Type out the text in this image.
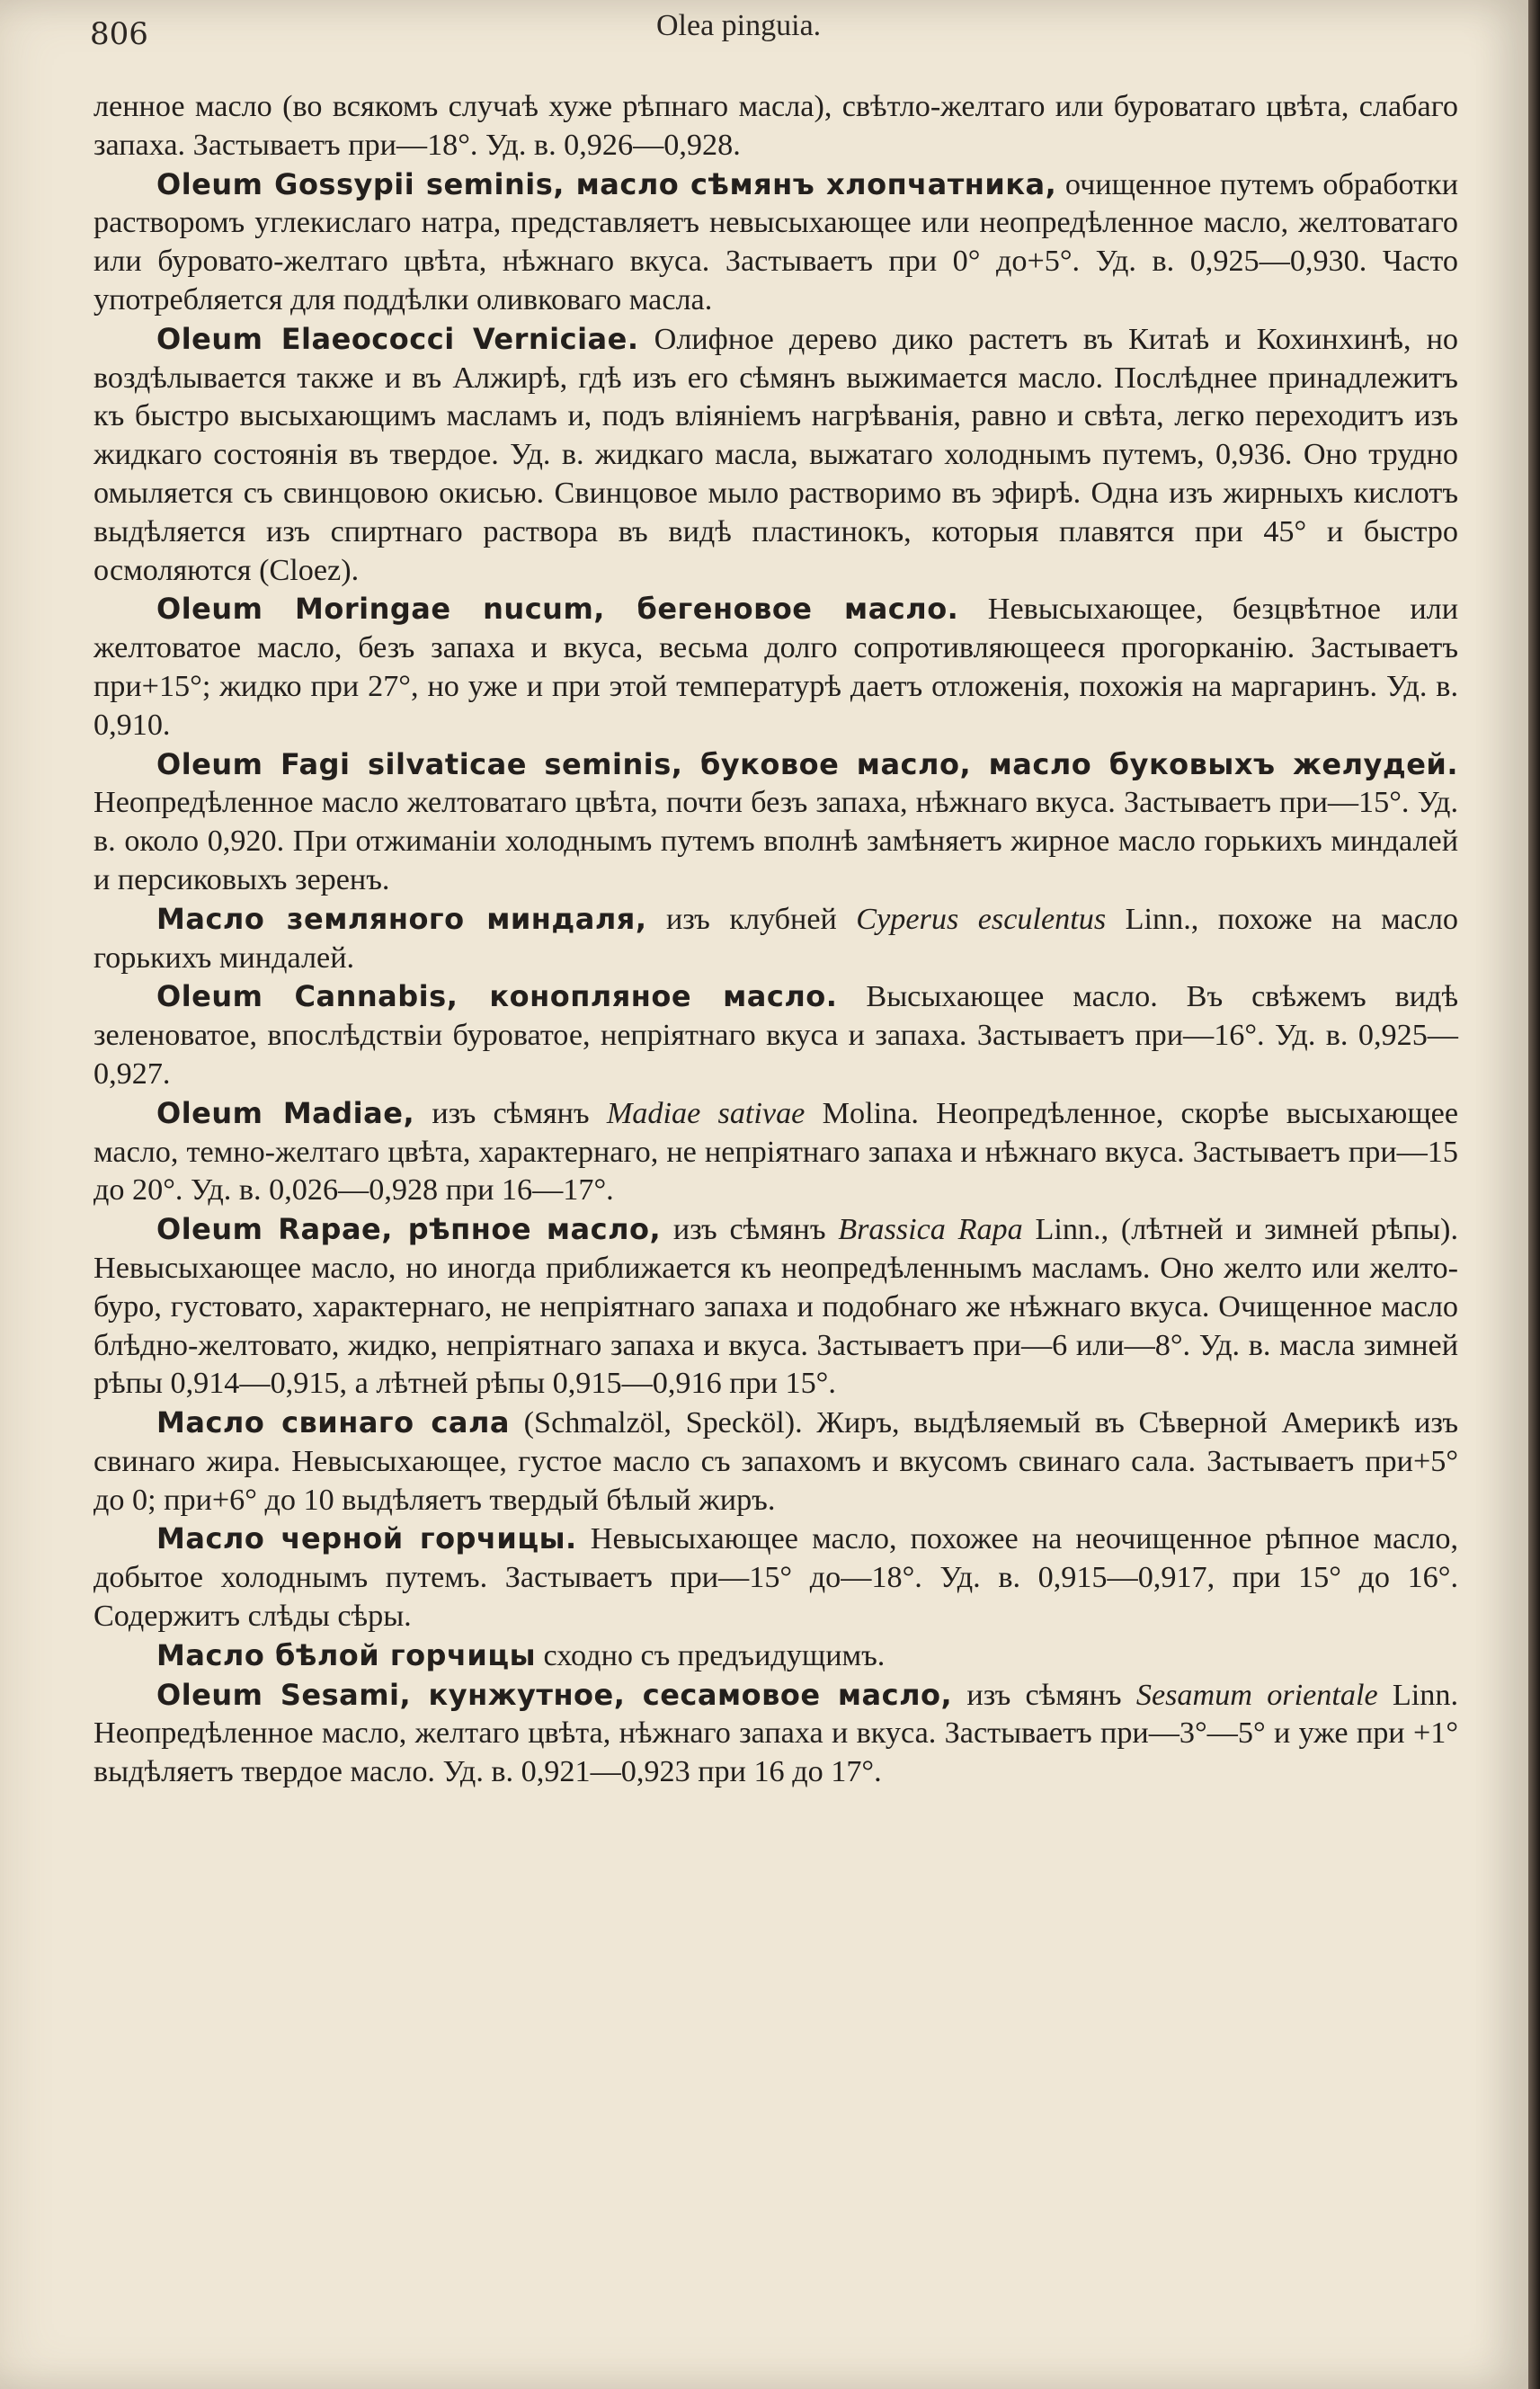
806	Olea pinguia.

ленное масло (во всякомъ случаѣ хуже рѣпнаго масла), свѣтло-желтаго или буроватаго цвѣта, слабаго запаха. Застываетъ при—18°. Уд. в. 0,926—0,928.

Oleum Gossypii seminis, масло сѣмянъ хлопчатника, очищенное путемъ обработки растворомъ углекислаго натра, представляетъ невысыхающее или неопредѣленное масло, желтоватаго или буровато-желтаго цвѣта, нѣжнаго вкуса. Застываетъ при 0° до+5°. Уд. в. 0,925—0,930. Часто употребляется для поддѣлки оливковаго масла.

Oleum Elaeococci Vernicіae. Олифное дерево дико растетъ въ Китаѣ и Кохинхинѣ, но воздѣлывается также и въ Алжирѣ, гдѣ изъ его сѣмянъ выжимается масло. Послѣднее принадлежитъ къ быстро высыхающимъ масламъ и, подъ вліяніемъ нагрѣванія, равно и свѣта, легко переходитъ изъ жидкаго состоянія въ твердое. Уд. в. жидкаго масла, выжатаго холоднымъ путемъ, 0,936. Оно трудно омыляется съ свинцовою окисью. Свинцовое мыло растворимо въ эфирѣ. Одна изъ жирныхъ кислотъ выдѣляется изъ спиртнаго раствора въ видѣ пластинокъ, которыя плавятся при 45° и быстро осмоляются (Cloez).

Oleum Moringae nucum, бегеновое масло. Невысыхающее, безцвѣтное или желтоватое масло, безъ запаха и вкуса, весьма долго сопротивляющееся прогорканію. Застываетъ при+15°; жидко при 27°, но уже и при этой температурѣ даетъ отложенія, похожія на маргаринъ. Уд. в. 0,910.

Oleum Fagi silvaticae seminis, буковое масло, масло буковыхъ желудей. Неопредѣленное масло желтоватаго цвѣта, почти безъ запаха, нѣжнаго вкуса. Застываетъ при—15°. Уд. в. около 0,920. При отжиманіи холоднымъ путемъ вполнѣ замѣняетъ жирное масло горькихъ миндалей и персиковыхъ зеренъ.

Масло земляного миндаля, изъ клубней Cyperus esculentus Linn., похоже на масло горькихъ миндалей.

Oleum Cannabis, конопляное масло. Высыхающее масло. Въ свѣжемъ видѣ зеленоватое, впослѣдствіи буроватое, непріятнаго вкуса и запаха. Застываетъ при—16°. Уд. в. 0,925—0,927.

Oleum Madiae, изъ сѣмянъ Madiae sativae Molina. Неопредѣленное, скорѣе высыхающее масло, темно-желтаго цвѣта, характернаго, не непріятнаго запаха и нѣжнаго вкуса. Застываетъ при—15 до 20°. Уд. в. 0,026—0,928 при 16—17°.

Oleum Rapae, рѣпное масло, изъ сѣмянъ Brassica Rapa Linn., (лѣтней и зимней рѣпы). Невысыхающее масло, но иногда приближается къ неопредѣленнымъ масламъ. Оно желто или желто-буро, густовато, характернаго, не непріятнаго запаха и подобнаго же нѣжнаго вкуса. Очищенное масло блѣдно-желтовато, жидко, непріятнаго запаха и вкуса. Застываетъ при—6 или—8°. Уд. в. масла зимней рѣпы 0,914—0,915, а лѣтней рѣпы 0,915—0,916 при 15°.

Масло свинаго сала (Schmalzöl, Specköl). Жиръ, выдѣляемый въ Сѣверной Америкѣ изъ свинаго жира. Невысыхающее, густое масло съ запахомъ и вкусомъ свинаго сала. Застываетъ при+5° до 0; при+6° до 10 выдѣляетъ твердый бѣлый жиръ.

Масло черной горчицы. Невысыхающее масло, похожее на неочищенное рѣпное масло, добытое холоднымъ путемъ. Застываетъ при—15° до—18°. Уд. в. 0,915—0,917, при 15° до 16°. Содержитъ слѣды сѣры.

Масло бѣлой горчицы сходно съ предъидущимъ.

Oleum Sesami, кунжутное, сесамовое масло, изъ сѣмянъ Sesamum orientale Linn. Неопредѣленное масло, желтаго цвѣта, нѣжнаго запаха и вкуса. Застываетъ при—3°—5° и уже при +1° выдѣляетъ твердое масло. Уд. в. 0,921—0,923 при 16 до 17°.
